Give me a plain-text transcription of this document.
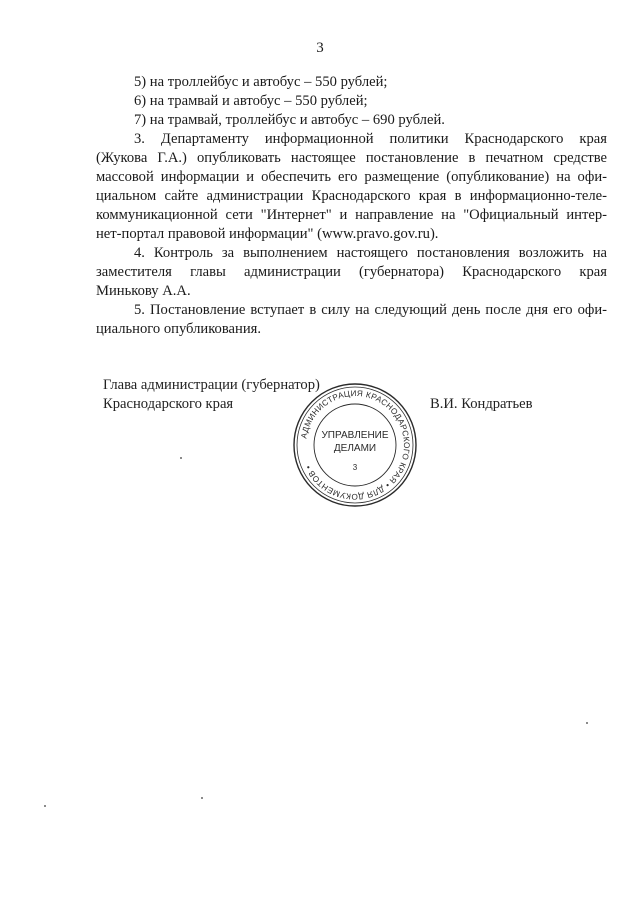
3
5) на троллейбус и автобус – 550 рублей;
6) на трамвай и автобус – 550 рублей;
7) на трамвай, троллейбус и автобус – 690 рублей.
3. Департаменту информационной политики Краснодарского края
(Жукова Г.А.) опубликовать настоящее постановление в печатном средстве
массовой информации и обеспечить его размещение (опубликование) на офи-
циальном сайте администрации Краснодарского края в информационно-теле-
коммуникационной сети "Интернет" и направление на "Официальный интер-
нет-портал правовой информации" (www.pravo.gov.ru).
4. Контроль за выполнением настоящего постановления возложить на
заместителя главы администрации (губернатора) Краснодарского края
Минькову А.А.
5. Постановление вступает в силу на следующий день после дня его офи-
циального опубликования.
Глава администрации (губернатор)
Краснодарского края	В.И. Кондратьев
АДМИНИСТРАЦИЯ КРАСНОДАРСКОГО КРАЯ • ДЛЯ ДОКУМЕНТОВ •
УПРАВЛЕНИЕ
ДЕЛАМИ
3
